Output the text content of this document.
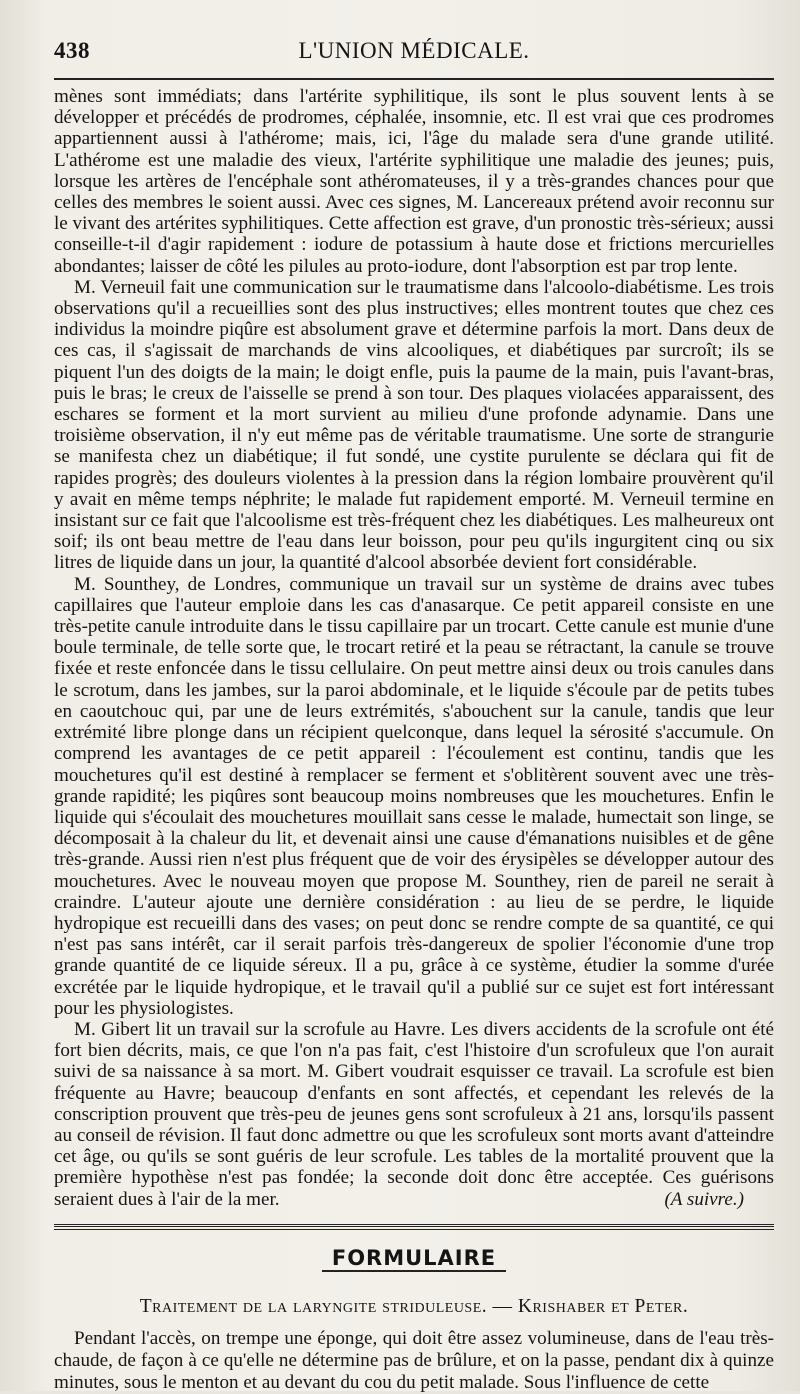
438	L'UNION MÉDICALE.

mènes sont immédiats; dans l'artérite syphilitique, ils sont le plus souvent lents à se développer et précédés de prodromes, céphalée, insomnie, etc. Il est vrai que ces prodromes appartiennent aussi à l'athérome; mais, ici, l'âge du malade sera d'une grande utilité. L'athérome est une maladie des vieux, l'artérite syphilitique une maladie des jeunes; puis, lorsque les artères de l'encéphale sont athéromateuses, il y a très-grandes chances pour que celles des membres le soient aussi. Avec ces signes, M. Lancereaux prétend avoir reconnu sur le vivant des artérites syphilitiques. Cette affection est grave, d'un pronostic très-sérieux; aussi conseille-t-il d'agir rapidement : iodure de potassium à haute dose et frictions mercurielles abondantes; laisser de côté les pilules au proto-iodure, dont l'absorption est par trop lente.

M. Verneuil fait une communication sur le traumatisme dans l'alcoolo-diabétisme. Les trois observations qu'il a recueillies sont des plus instructives; elles montrent toutes que chez ces individus la moindre piqûre est absolument grave et détermine parfois la mort. Dans deux de ces cas, il s'agissait de marchands de vins alcooliques, et diabétiques par surcroît; ils se piquent l'un des doigts de la main; le doigt enfle, puis la paume de la main, puis l'avant-bras, puis le bras; le creux de l'aisselle se prend à son tour. Des plaques violacées apparaissent, des eschares se forment et la mort survient au milieu d'une profonde adynamie. Dans une troisième observation, il n'y eut même pas de véritable traumatisme. Une sorte de strangurie se manifesta chez un diabétique; il fut sondé, une cystite purulente se déclara qui fit de rapides progrès; des douleurs violentes à la pression dans la région lombaire prouvèrent qu'il y avait en même temps néphrite; le malade fut rapidement emporté. M. Verneuil termine en insistant sur ce fait que l'alcoolisme est très-fréquent chez les diabétiques. Les malheureux ont soif; ils ont beau mettre de l'eau dans leur boisson, pour peu qu'ils ingurgitent cinq ou six litres de liquide dans un jour, la quantité d'alcool absorbée devient fort considérable.

M. Sounthey, de Londres, communique un travail sur un système de drains avec tubes capillaires que l'auteur emploie dans les cas d'anasarque. Ce petit appareil consiste en une très-petite canule introduite dans le tissu capillaire par un trocart. Cette canule est munie d'une boule terminale, de telle sorte que, le trocart retiré et la peau se rétractant, la canule se trouve fixée et reste enfoncée dans le tissu cellulaire. On peut mettre ainsi deux ou trois canules dans le scrotum, dans les jambes, sur la paroi abdominale, et le liquide s'écoule par de petits tubes en caoutchouc qui, par une de leurs extrémités, s'abouchent sur la canule, tandis que leur extrémité libre plonge dans un récipient quelconque, dans lequel la sérosité s'accumule. On comprend les avantages de ce petit appareil : l'écoulement est continu, tandis que les mouchetures qu'il est destiné à remplacer se ferment et s'oblitèrent souvent avec une très-grande rapidité; les piqûres sont beaucoup moins nombreuses que les mouchetures. Enfin le liquide qui s'écoulait des mouchetures mouillait sans cesse le malade, humectait son linge, se décomposait à la chaleur du lit, et devenait ainsi une cause d'émanations nuisibles et de gêne très-grande. Aussi rien n'est plus fréquent que de voir des érysipèles se développer autour des mouchetures. Avec le nouveau moyen que propose M. Sounthey, rien de pareil ne serait à craindre. L'auteur ajoute une dernière considération : au lieu de se perdre, le liquide hydropique est recueilli dans des vases; on peut donc se rendre compte de sa quantité, ce qui n'est pas sans intérêt, car il serait parfois très-dangereux de spolier l'économie d'une trop grande quantité de ce liquide séreux. Il a pu, grâce à ce système, étudier la somme d'urée excrétée par le liquide hydropique, et le travail qu'il a publié sur ce sujet est fort intéressant pour les physiologistes.

M. Gibert lit un travail sur la scrofule au Havre. Les divers accidents de la scrofule ont été fort bien décrits, mais, ce que l'on n'a pas fait, c'est l'histoire d'un scrofuleux que l'on aurait suivi de sa naissance à sa mort. M. Gibert voudrait esquisser ce travail. La scrofule est bien fréquente au Havre; beaucoup d'enfants en sont affectés, et cependant les relevés de la conscription prouvent que très-peu de jeunes gens sont scrofuleux à 21 ans, lorsqu'ils passent au conseil de révision. Il faut donc admettre ou que les scrofuleux sont morts avant d'atteindre cet âge, ou qu'ils se sont guéris de leur scrofule. Les tables de la mortalité prouvent que la première hypothèse n'est pas fondée; la seconde doit donc être acceptée. Ces guérisons seraient dues à l'air de la mer.	(A suivre.)

FORMULAIRE
Traitement de la laryngite striduleuse. — Krishaber et Peter.

Pendant l'accès, on trempe une éponge, qui doit être assez volumineuse, dans de l'eau très-chaude, de façon à ce qu'elle ne détermine pas de brûlure, et on la passe, pendant dix à quinze minutes, sous le menton et au devant du cou du petit malade. Sous l'influence de cette
